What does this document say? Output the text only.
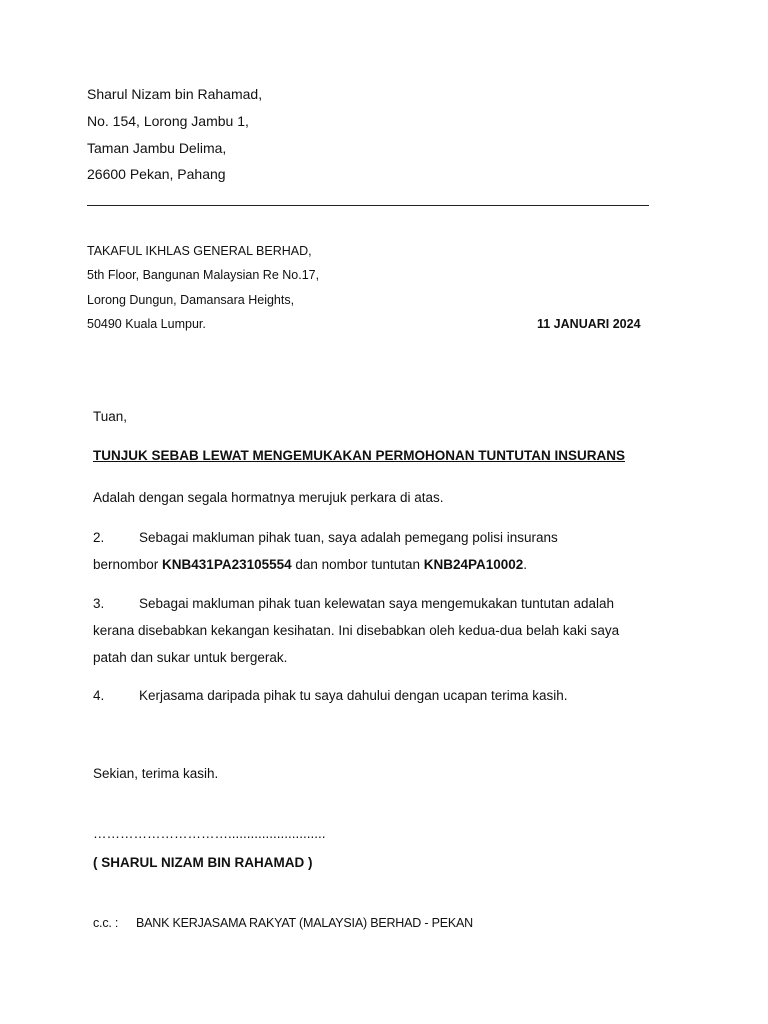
Sharul Nizam bin Rahamad,
No. 154, Lorong Jambu 1,
Taman Jambu Delima,
26600 Pekan, Pahang
TAKAFUL IKHLAS GENERAL BERHAD,
5th Floor, Bangunan Malaysian Re No.17,
Lorong Dungun, Damansara Heights,
50490 Kuala Lumpur.	11 JANUARI 2024
Tuan,
TUNJUK SEBAB LEWAT MENGEMUKAKAN PERMOHONAN TUNTUTAN INSURANS
Adalah dengan segala hormatnya merujuk perkara di atas.
2.	Sebagai makluman pihak tuan, saya adalah pemegang polisi insurans
bernombor KNB431PA23105554 dan nombor tuntutan KNB24PA10002.
3.	Sebagai makluman pihak tuan kelewatan saya mengemukakan tuntutan adalah
kerana disebabkan kekangan kesihatan. Ini disebabkan oleh kedua-dua belah kaki saya
patah dan sukar untuk bergerak.
4.	Kerjasama daripada pihak tu saya dahului dengan ucapan terima kasih.
Sekian, terima kasih.
…………………………..........................
( SHARUL NIZAM BIN RAHAMAD )
c.c. : BANK KERJASAMA RAKYAT (MALAYSIA) BERHAD - PEKAN
